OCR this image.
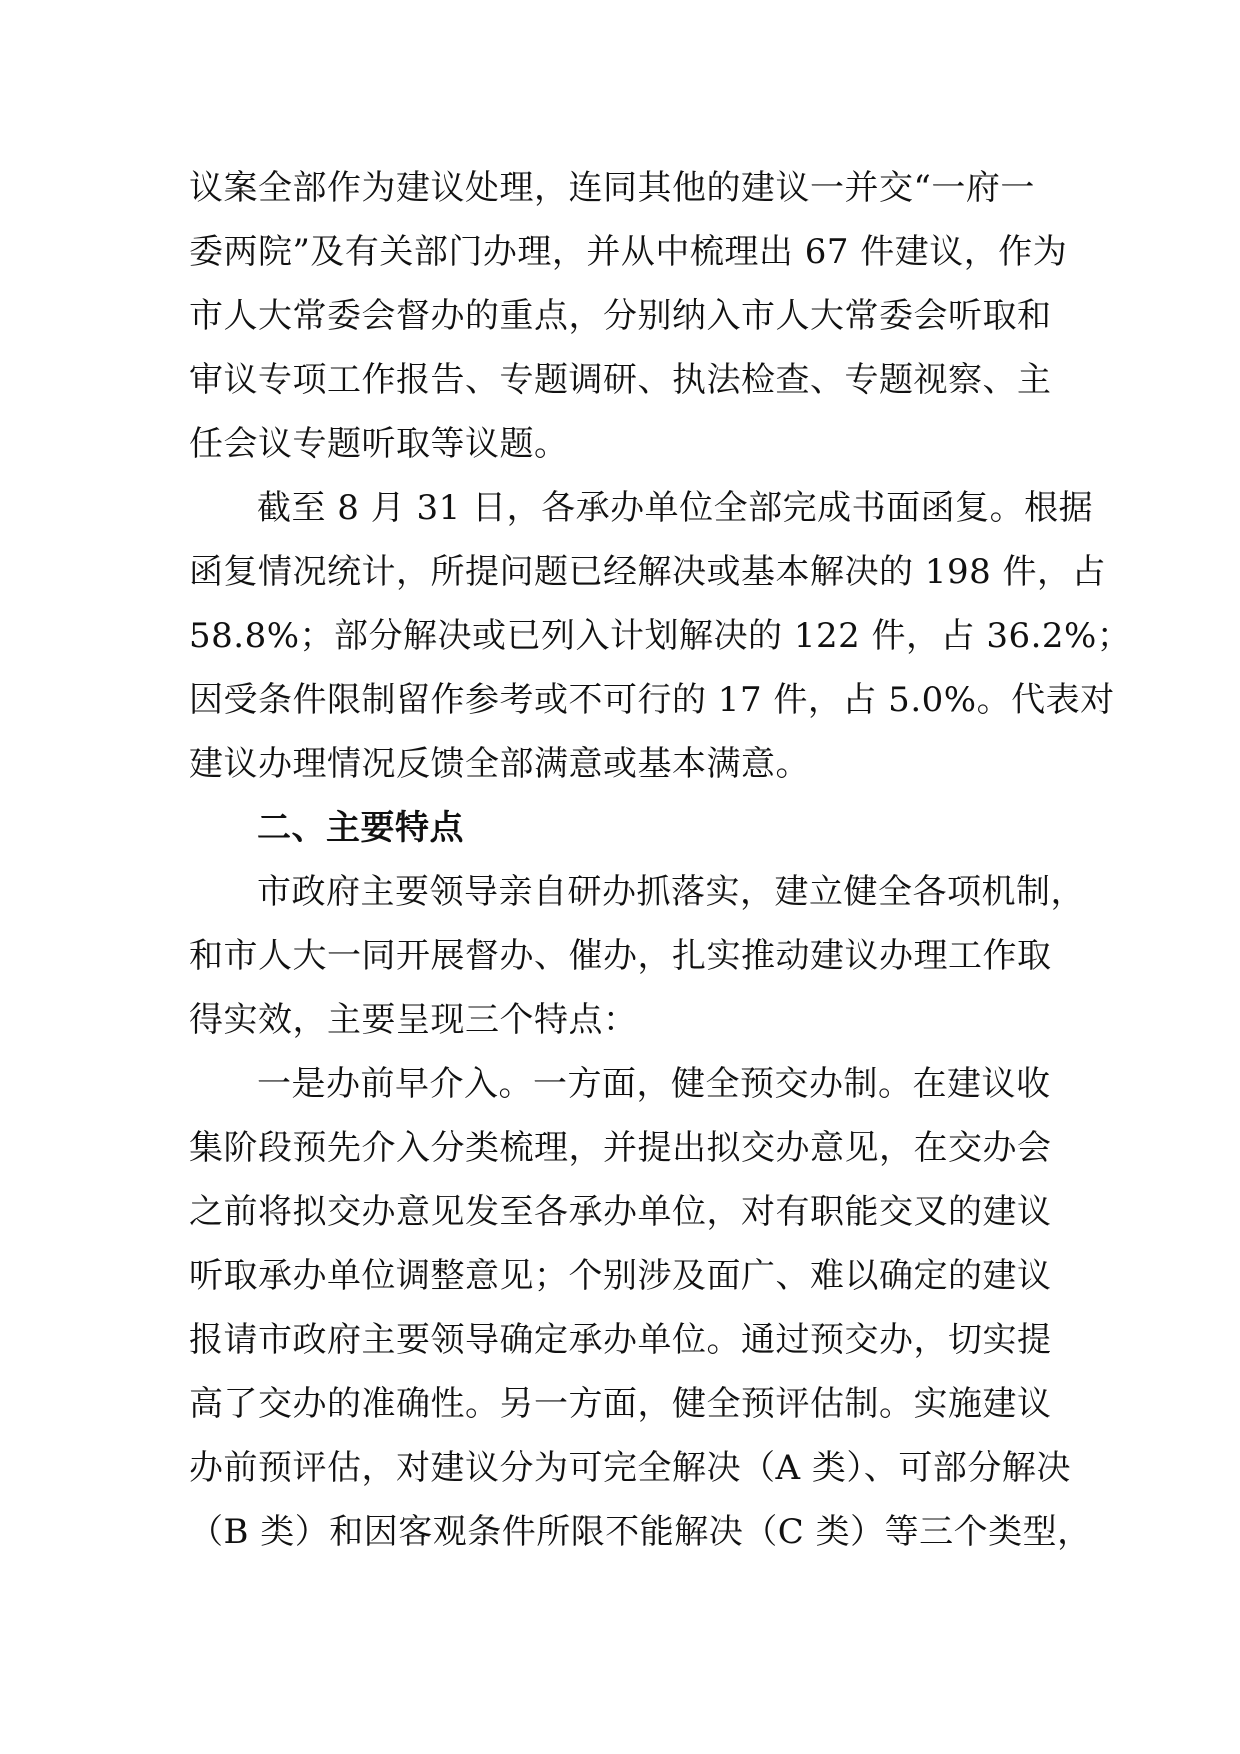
议案全部作为建议处理，连同其他的建议一并交“一府一
委两院”及有关部门办理，并从中梳理出 67 件建议，作为
市人大常委会督办的重点，分别纳入市人大常委会听取和
审议专项工作报告、专题调研、执法检查、专题视察、主
任会议专题听取等议题。
截至 8 月 31 日，各承办单位全部完成书面函复。根据
函复情况统计，所提问题已经解决或基本解决的 198 件，占
58.8%；部分解决或已列入计划解决的 122 件，占 36.2%；
因受条件限制留作参考或不可行的 17 件，占 5.0%。代表对
建议办理情况反馈全部满意或基本满意。
二、主要特点
市政府主要领导亲自研办抓落实，建立健全各项机制，
和市人大一同开展督办、催办，扎实推动建议办理工作取
得实效，主要呈现三个特点：
一是办前早介入。一方面，健全预交办制。在建议收
集阶段预先介入分类梳理，并提出拟交办意见，在交办会
之前将拟交办意见发至各承办单位，对有职能交叉的建议
听取承办单位调整意见；个别涉及面广、难以确定的建议
报请市政府主要领导确定承办单位。通过预交办，切实提
高了交办的准确性。另一方面，健全预评估制。实施建议
办前预评估，对建议分为可完全解决（A 类）、可部分解决
（B 类）和因客观条件所限不能解决（C 类）等三个类型，
